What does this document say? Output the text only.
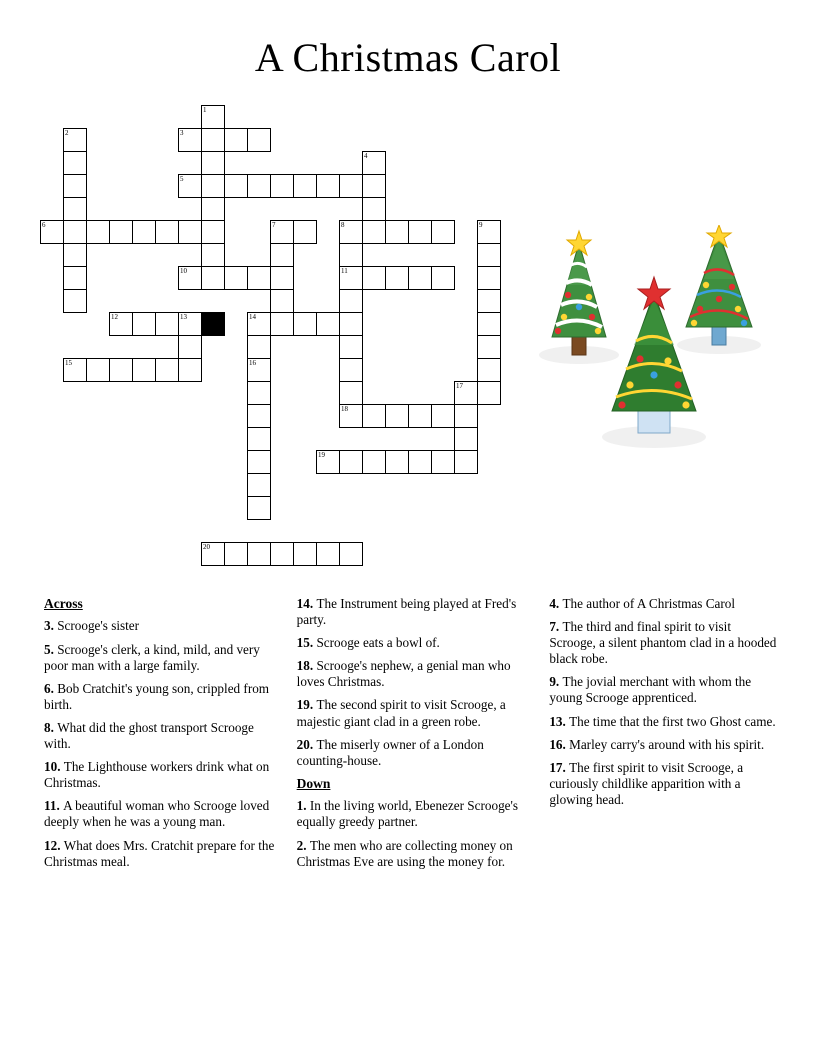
A Christmas Carol
1
2	3
4
5
6	7	8	9
10	11
12	13	14
15	16
17
18
19
20
Across

3. Scrooge's sister

5. Scrooge's clerk, a kind, mild, and very poor man with a large family.

6. Bob Cratchit's young son, crippled from birth.

8. What did the ghost transport Scrooge with.

10. The Lighthouse workers drink what on Christmas.

11. A beautiful woman who Scrooge loved deeply when he was a young man.

12. What does Mrs. Cratchit prepare for the Christmas meal.

14. The Instrument being played at Fred's party.

15. Scrooge eats a bowl of.

18. Scrooge's nephew, a genial man who loves Christmas.

19. The second spirit to visit Scrooge, a majestic giant clad in a green robe.

20. The miserly owner of a London counting-house.

Down

1. In the living world, Ebenezer Scrooge's equally greedy partner.

2. The men who are collecting money on Christmas Eve are using the money for.

4. The author of A Christmas Carol

7. The third and final spirit to visit Scrooge, a silent phantom clad in a hooded black robe.

9. The jovial merchant with whom the young Scrooge apprenticed.

13. The time that the first two Ghost came.

16. Marley carry's around with his spirit.

17. The first spirit to visit Scrooge, a curiously childlike apparition with a glowing head.
